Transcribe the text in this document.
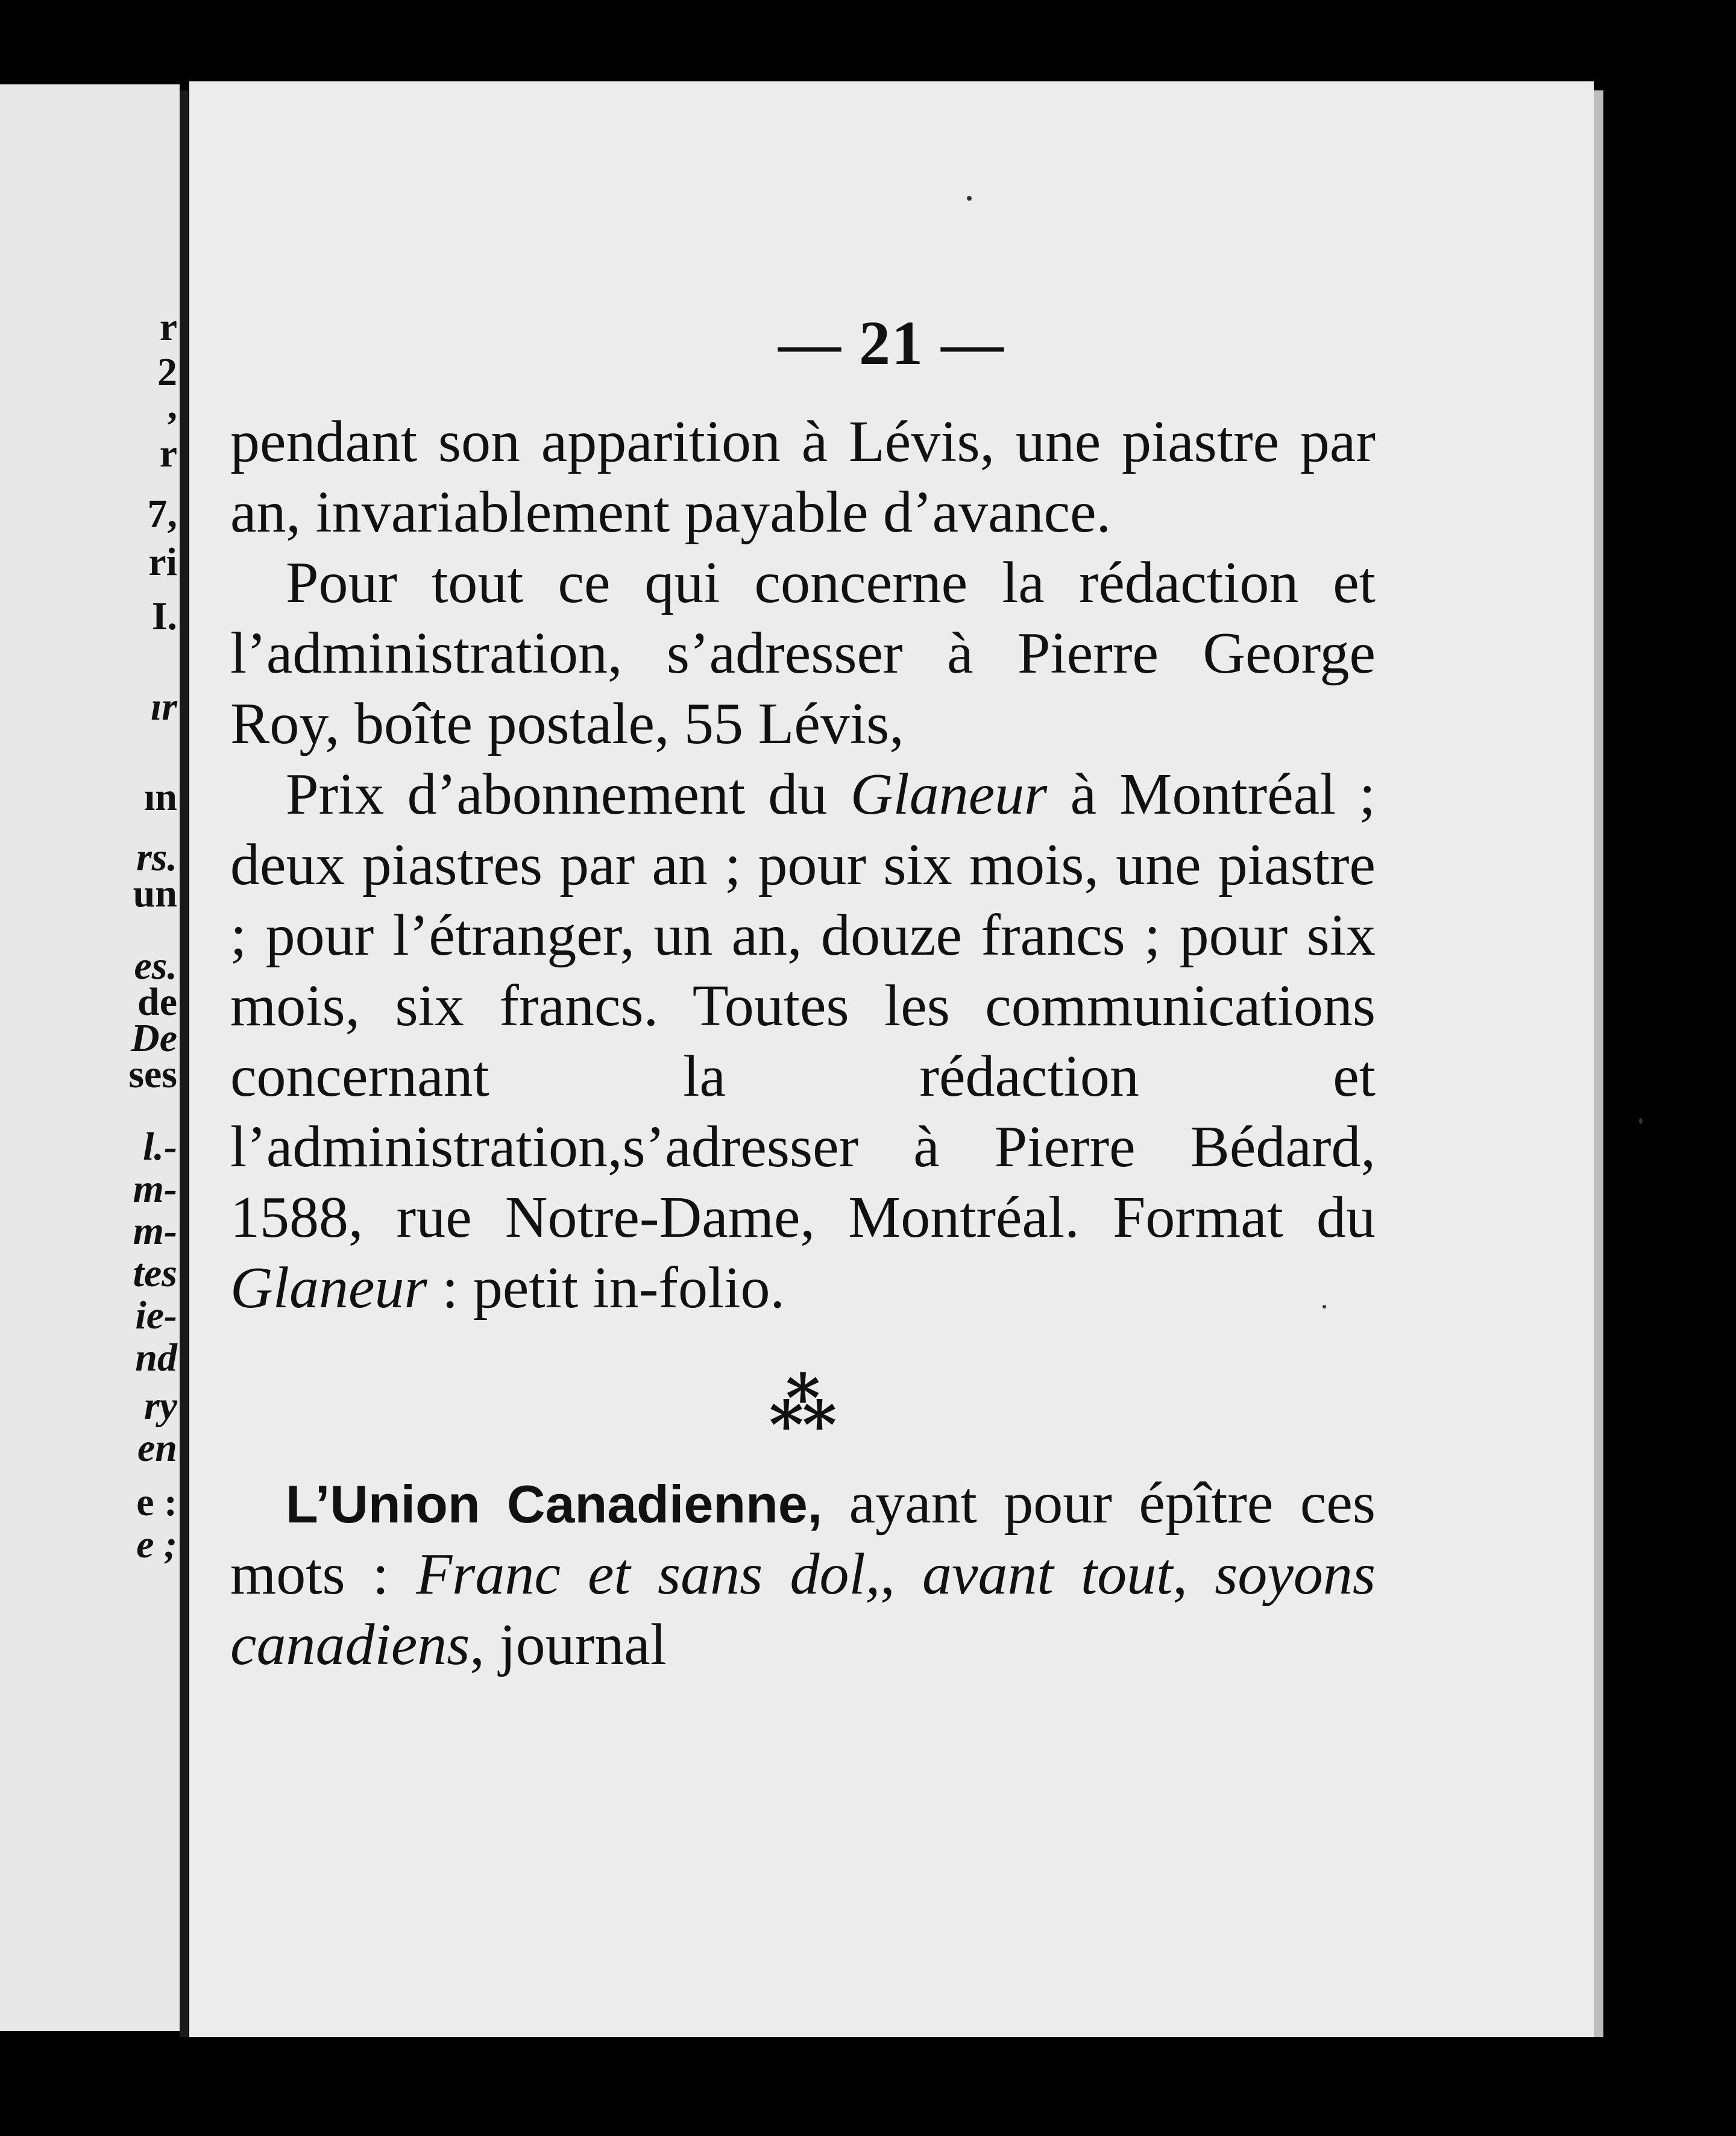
r
2
,
r
7,
ri
I.
ır
ın
rs.
un
es.
de
De
ses
l.-
m-
m-
tes
ie-
nd
ry
en
e :
e ;
— 21 —

pendant son apparition à Lévis, une piastre par an, invariablement payable d’avance.

Pour tout ce qui concerne la rédaction et l’administration, s’adresser à Pierre George Roy, boîte postale, 55 Lévis,

Prix d’abonnement du Glaneur à Montréal ; deux piastres par an ; pour six mois, une piastre ; pour l’étranger, un an, douze francs ; pour six mois, six francs. Toutes les communications concernant la rédaction et l’administration,s’adresser à Pierre Bédard, 1588, rue Notre-Dame, Montréal. Format du Glaneur : petit in-folio.

⁂

L’Union Canadienne, ayant pour épître ces mots : Franc et sans dol,, avant tout, soyons canadiens, journal
